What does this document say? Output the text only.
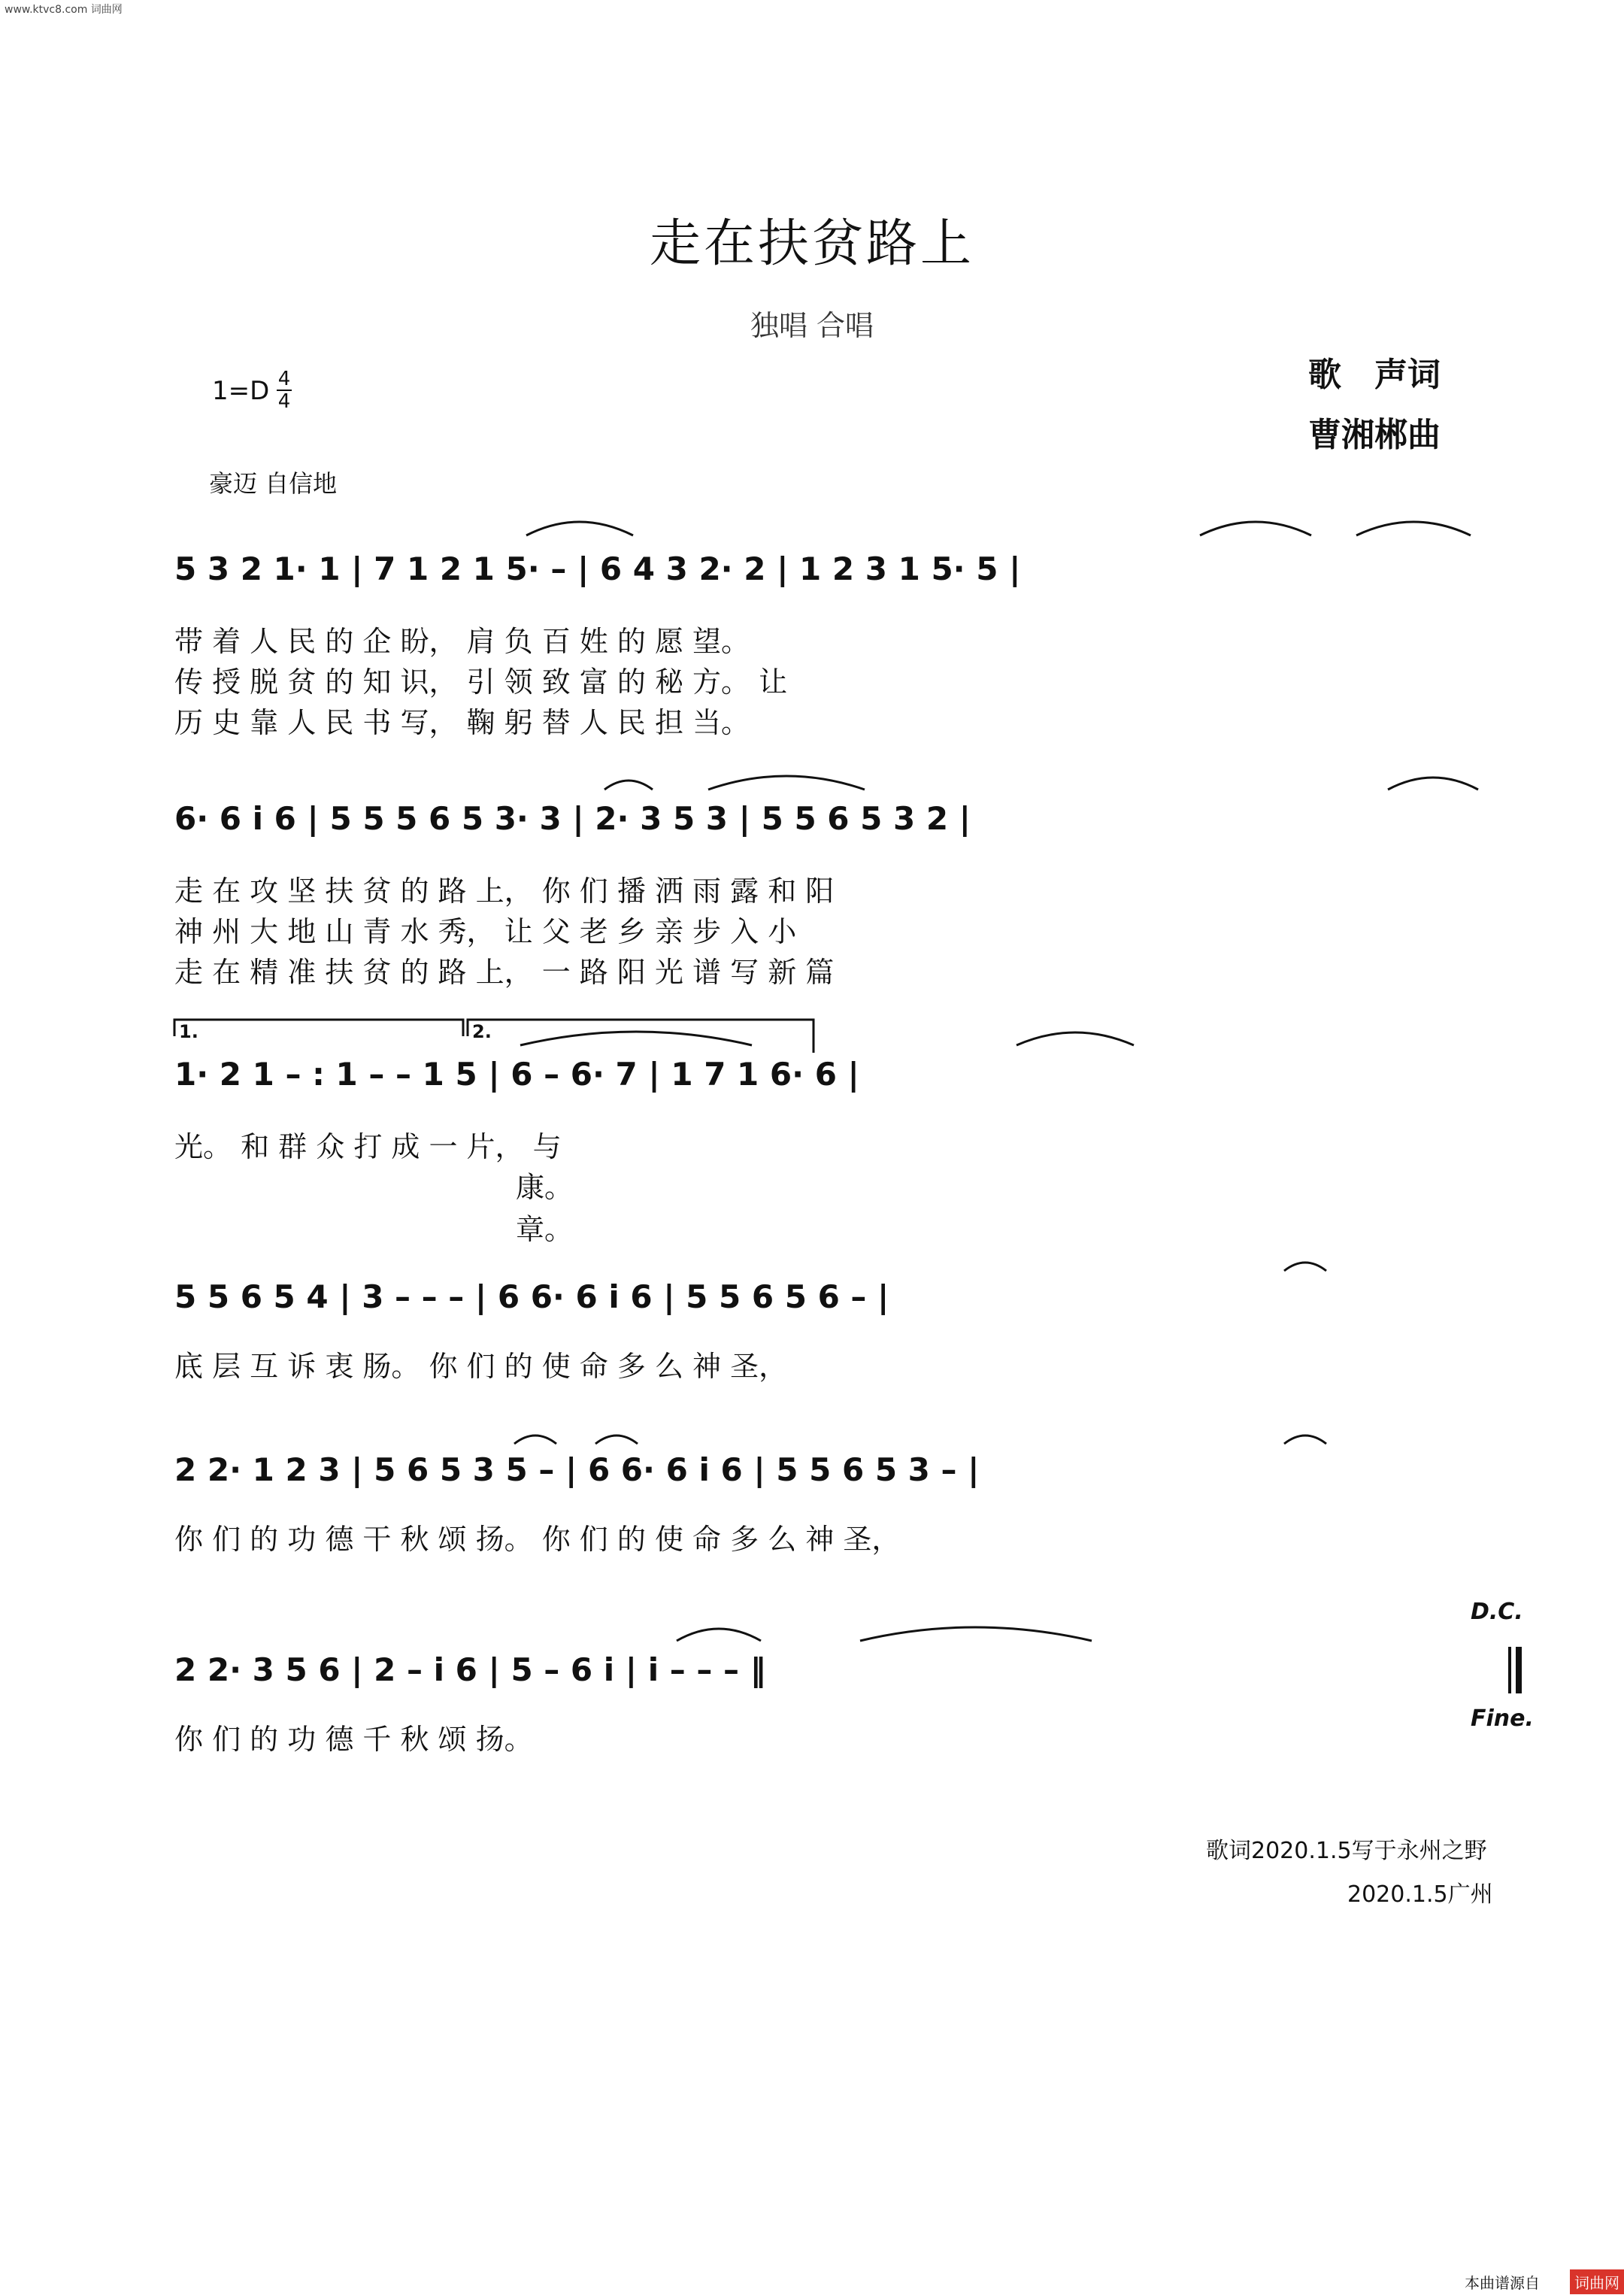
www.ktvc8.com 词曲网
走在扶贫路上
独唱 合唱
歌　声词
曹湘郴曲
1=D 4
4
豪迈 自信地
5 3 2 1· 1 | 7 1 2 1 5· – | 6 4 3 2· 2 | 1 2 3 1 5· 5 |
带 着 人 民 的 企 盼， 肩 负 百 姓 的 愿 望。
传 授 脱 贫 的 知 识， 引 领 致 富 的 秘 方。 让
历 史 靠 人 民 书 写， 鞠 躬 替 人 民 担 当。
6· 6 i 6 | 5 5 5 6 5 3· 3 | 2· 3 5 3 | 5 5 6 5 3 2 |
走 在 攻 坚 扶 贫 的 路 上， 你 们 播 洒 雨 露 和 阳
神 州 大 地 山 青 水 秀， 让 父 老 乡 亲 步 入 小
走 在 精 准 扶 贫 的 路 上， 一 路 阳 光 谱 写 新 篇
1.	2.
1· 2 1 – : 1 – – 1 5 | 6 – 6· 7 | 1 7 1 6· 6 |
光。 和 群 众 打 成 一 片， 与
康。
章。
5 5 6 5 4 | 3 – – – | 6 6· 6 i 6 | 5 5 6 5 6 – |
底 层 互 诉 衷 肠。 你 们 的 使 命 多 么 神 圣，
2 2· 1 2 3 | 5 6 5 3 5 – | 6 6· 6 i 6 | 5 5 6 5 3 – |
你 们 的 功 德 干 秋 颂 扬。 你 们 的 使 命 多 么 神 圣，
D.C.
2 2· 3 5 6 | 2 – i 6 | 5 – 6 i | i – – – ‖
你 们 的 功 德 千 秋 颂 扬。
Fine.
歌词2020.1.5写于永州之野
2020.1.5广州
本曲谱源自	词曲网
